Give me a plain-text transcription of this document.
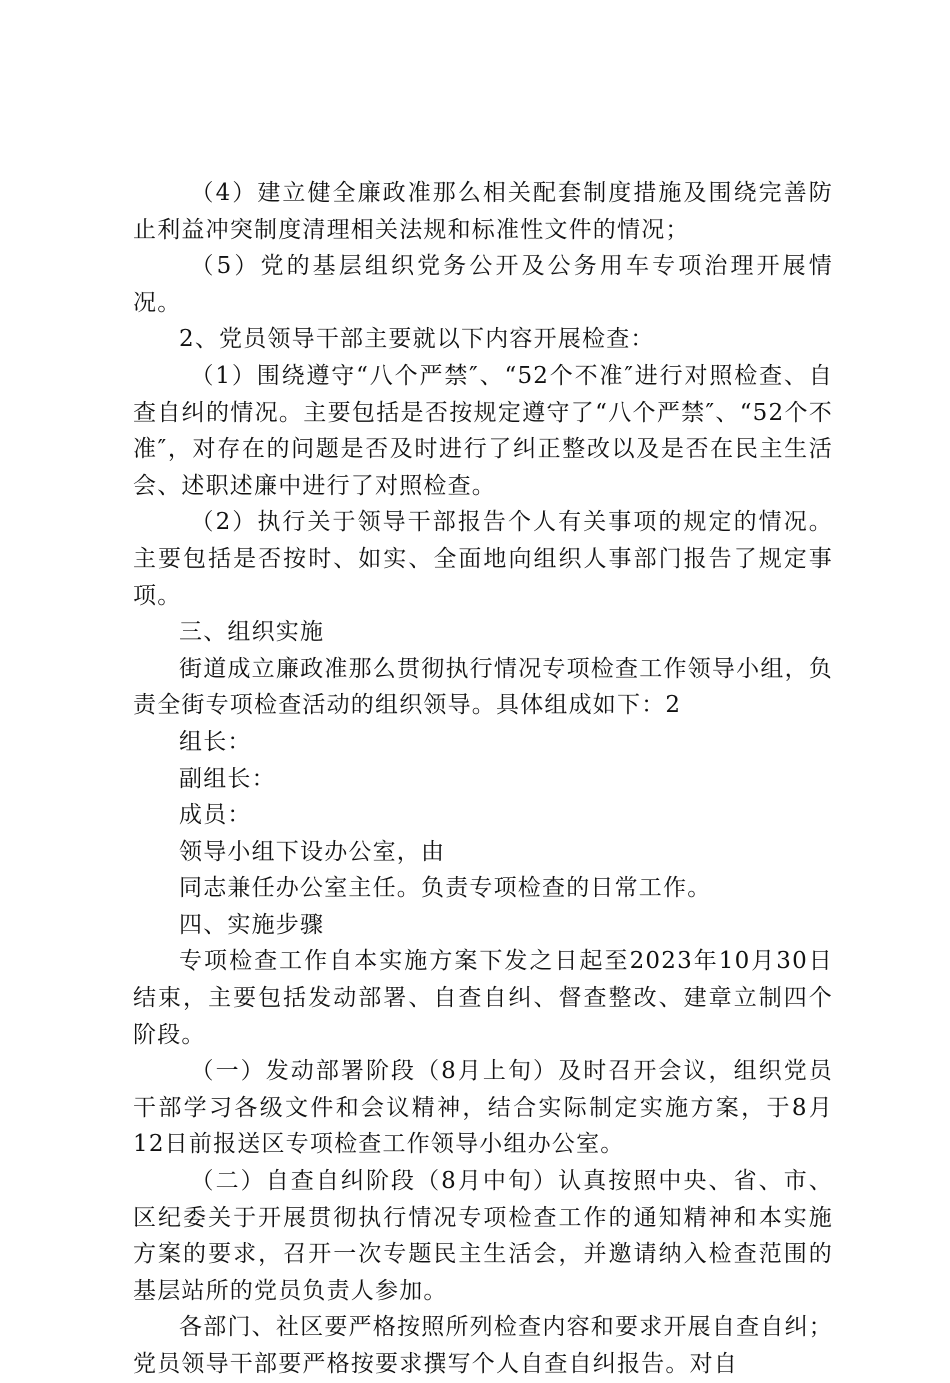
（4）建立健全廉政准那么相关配套制度措施及围绕完善防止利益冲突制度清理相关法规和标准性文件的情况；

（5）党的基层组织党务公开及公务用车专项治理开展情况。

2、党员领导干部主要就以下内容开展检查：

（1）围绕遵守“八个严禁″、“52个不准″进行对照检查、自查自纠的情况。主要包括是否按规定遵守了“八个严禁″、“52个不准″，对存在的问题是否及时进行了纠正整改以及是否在民主生活会、述职述廉中进行了对照检查。

（2）执行关于领导干部报告个人有关事项的规定的情况。主要包括是否按时、如实、全面地向组织人事部门报告了规定事项。

三、组织实施

街道成立廉政准那么贯彻执行情况专项检查工作领导小组，负责全街专项检查活动的组织领导。具体组成如下：2

组长：

副组长：

成员：

领导小组下设办公室，由

同志兼任办公室主任。负责专项检查的日常工作。

四、实施步骤

专项检查工作自本实施方案下发之日起至2023年10月30日结束，主要包括发动部署、自查自纠、督查整改、建章立制四个阶段。

（一）发动部署阶段（8月上旬）及时召开会议，组织党员干部学习各级文件和会议精神，结合实际制定实施方案，于8月12日前报送区专项检查工作领导小组办公室。

（二）自查自纠阶段（8月中旬）认真按照中央、省、市、区纪委关于开展贯彻执行情况专项检查工作的通知精神和本实施方案的要求，召开一次专题民主生活会，并邀请纳入检查范围的基层站所的党员负责人参加。

各部门、社区要严格按照所列检查内容和要求开展自查自纠；党员领导干部要严格按要求撰写个人自查自纠报告。对自
